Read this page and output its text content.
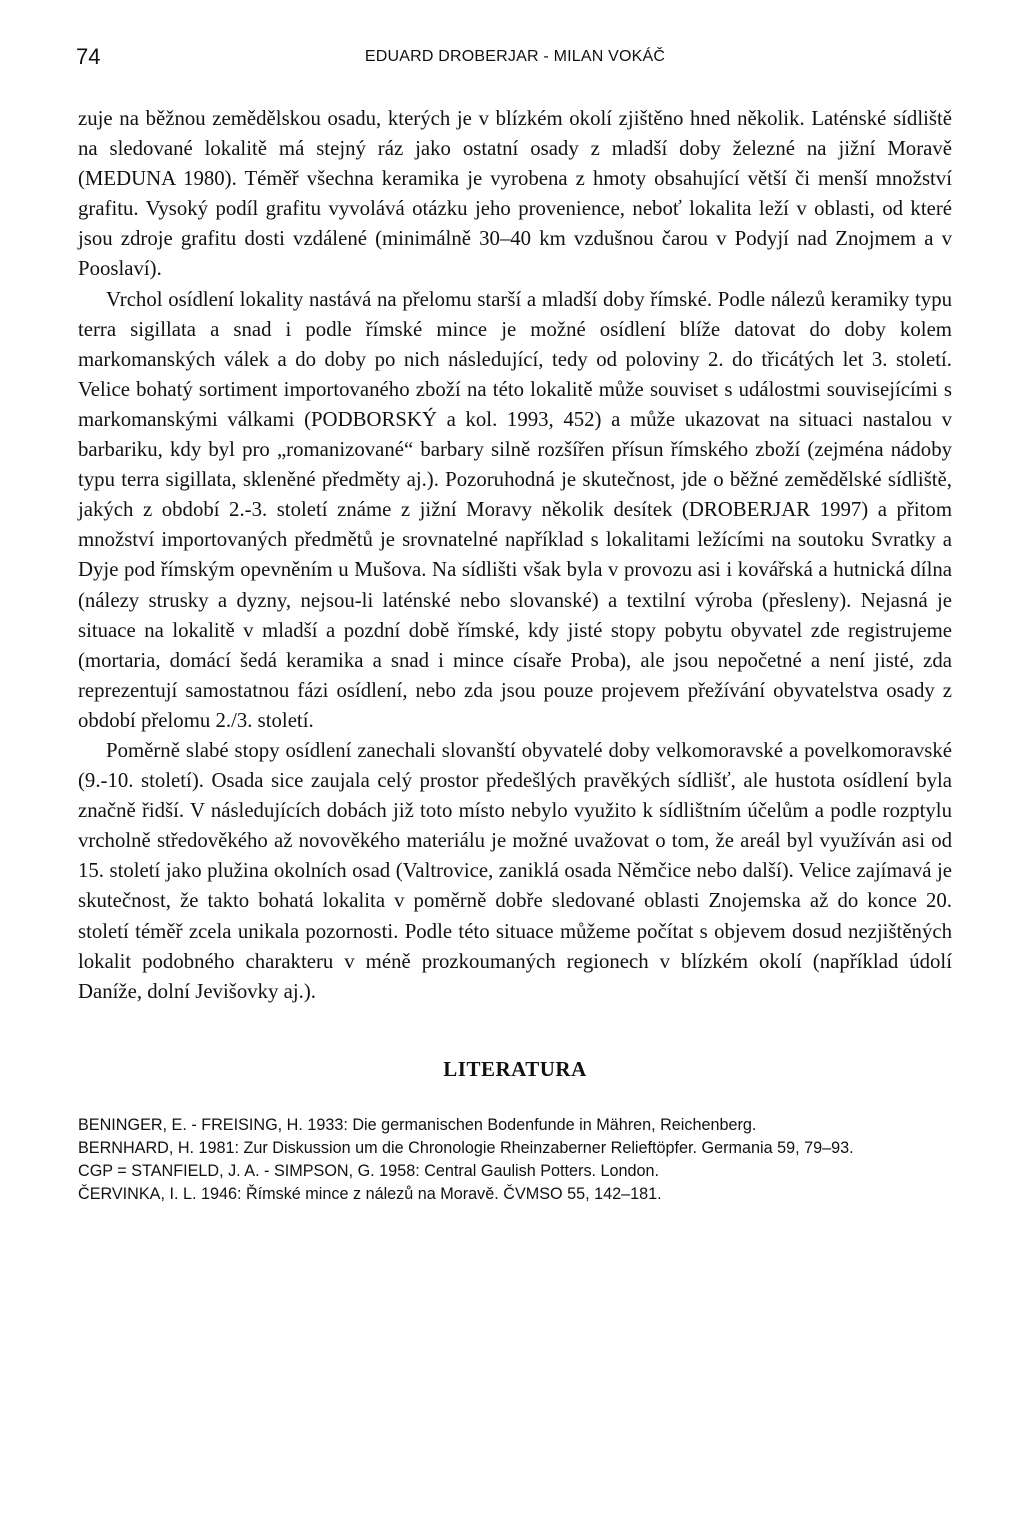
74	EDUARD DROBERJAR - MILAN VOKÁČ

zuje na běžnou zemědělskou osadu, kterých je v blízkém okolí zjištěno hned několik. Laténské sídliště na sledované lokalitě má stejný ráz jako ostatní osady z mladší doby železné na jižní Moravě (MEDUNA 1980). Téměř všechna keramika je vyrobena z hmoty obsahující větší či menší množství grafitu. Vysoký podíl grafitu vyvolává otázku jeho provenience, neboť lokalita leží v oblasti, od které jsou zdroje grafitu dosti vzdálené (minimálně 30–40 km vzdušnou čarou v Podyjí nad Znojmem a v Pooslaví).

Vrchol osídlení lokality nastává na přelomu starší a mladší doby římské. Podle nálezů keramiky typu terra sigillata a snad i podle římské mince je možné osídlení blíže datovat do doby kolem markomanských válek a do doby po nich následující, tedy od poloviny 2. do třicátých let 3. století. Velice bohatý sortiment importovaného zboží na této lokalitě může souviset s událostmi souvisejícími s markomanskými válkami (PODBORSKÝ a kol. 1993, 452) a může ukazovat na situaci nastalou v barbariku, kdy byl pro „romanizované“ barbary silně rozšířen přísun římského zboží (zejména nádoby typu terra sigillata, skleněné předměty aj.). Pozoruhodná je skutečnost, jde o běžné zemědělské sídliště, jakých z období 2.-3. století známe z jižní Moravy několik desítek (DROBERJAR 1997) a přitom množství importovaných předmětů je srovnatelné například s lokalitami ležícími na soutoku Svratky a Dyje pod římským opevněním u Mušova. Na sídlišti však byla v provozu asi i kovářská a hutnická dílna (nálezy strusky a dyzny, nejsou-li laténské nebo slovanské) a textilní výroba (přesleny). Nejasná je situace na lokalitě v mladší a pozdní době římské, kdy jisté stopy pobytu obyvatel zde registrujeme (mortaria, domácí šedá keramika a snad i mince císaře Proba), ale jsou nepočetné a není jisté, zda reprezentují samostatnou fázi osídlení, nebo zda jsou pouze projevem přežívání obyvatelstva osady z období přelomu 2./3. století.

Poměrně slabé stopy osídlení zanechali slovanští obyvatelé doby velkomoravské a povelkomoravské (9.-10. století). Osada sice zaujala celý prostor předešlých pravěkých sídlišť, ale hustota osídlení byla značně řidší. V následujících dobách již toto místo nebylo využito k sídlištním účelům a podle rozptylu vrcholně středověkého až novověkého materiálu je možné uvažovat o tom, že areál byl využíván asi od 15. století jako plužina okolních osad (Valtrovice, zaniklá osada Němčice nebo další). Velice zajímavá je skutečnost, že takto bohatá lokalita v poměrně dobře sledované oblasti Znojemska až do konce 20. století téměř zcela unikala pozornosti. Podle této situace můžeme počítat s objevem dosud nezjištěných lokalit podobného charakteru v méně prozkoumaných regionech v blízkém okolí (například údolí Daníže, dolní Jevišovky aj.).

LITERATURA
BENINGER, E. - FREISING, H. 1933: Die germanischen Bodenfunde in Mähren, Reichenberg.
BERNHARD, H. 1981: Zur Diskussion um die Chronologie Rheinzaberner Relieftöpfer. Germania 59, 79–93.
CGP = STANFIELD, J. A. - SIMPSON, G. 1958: Central Gaulish Potters. London.
ČERVINKA, I. L. 1946: Římské mince z nálezů na Moravě. ČVMSO 55, 142–181.
